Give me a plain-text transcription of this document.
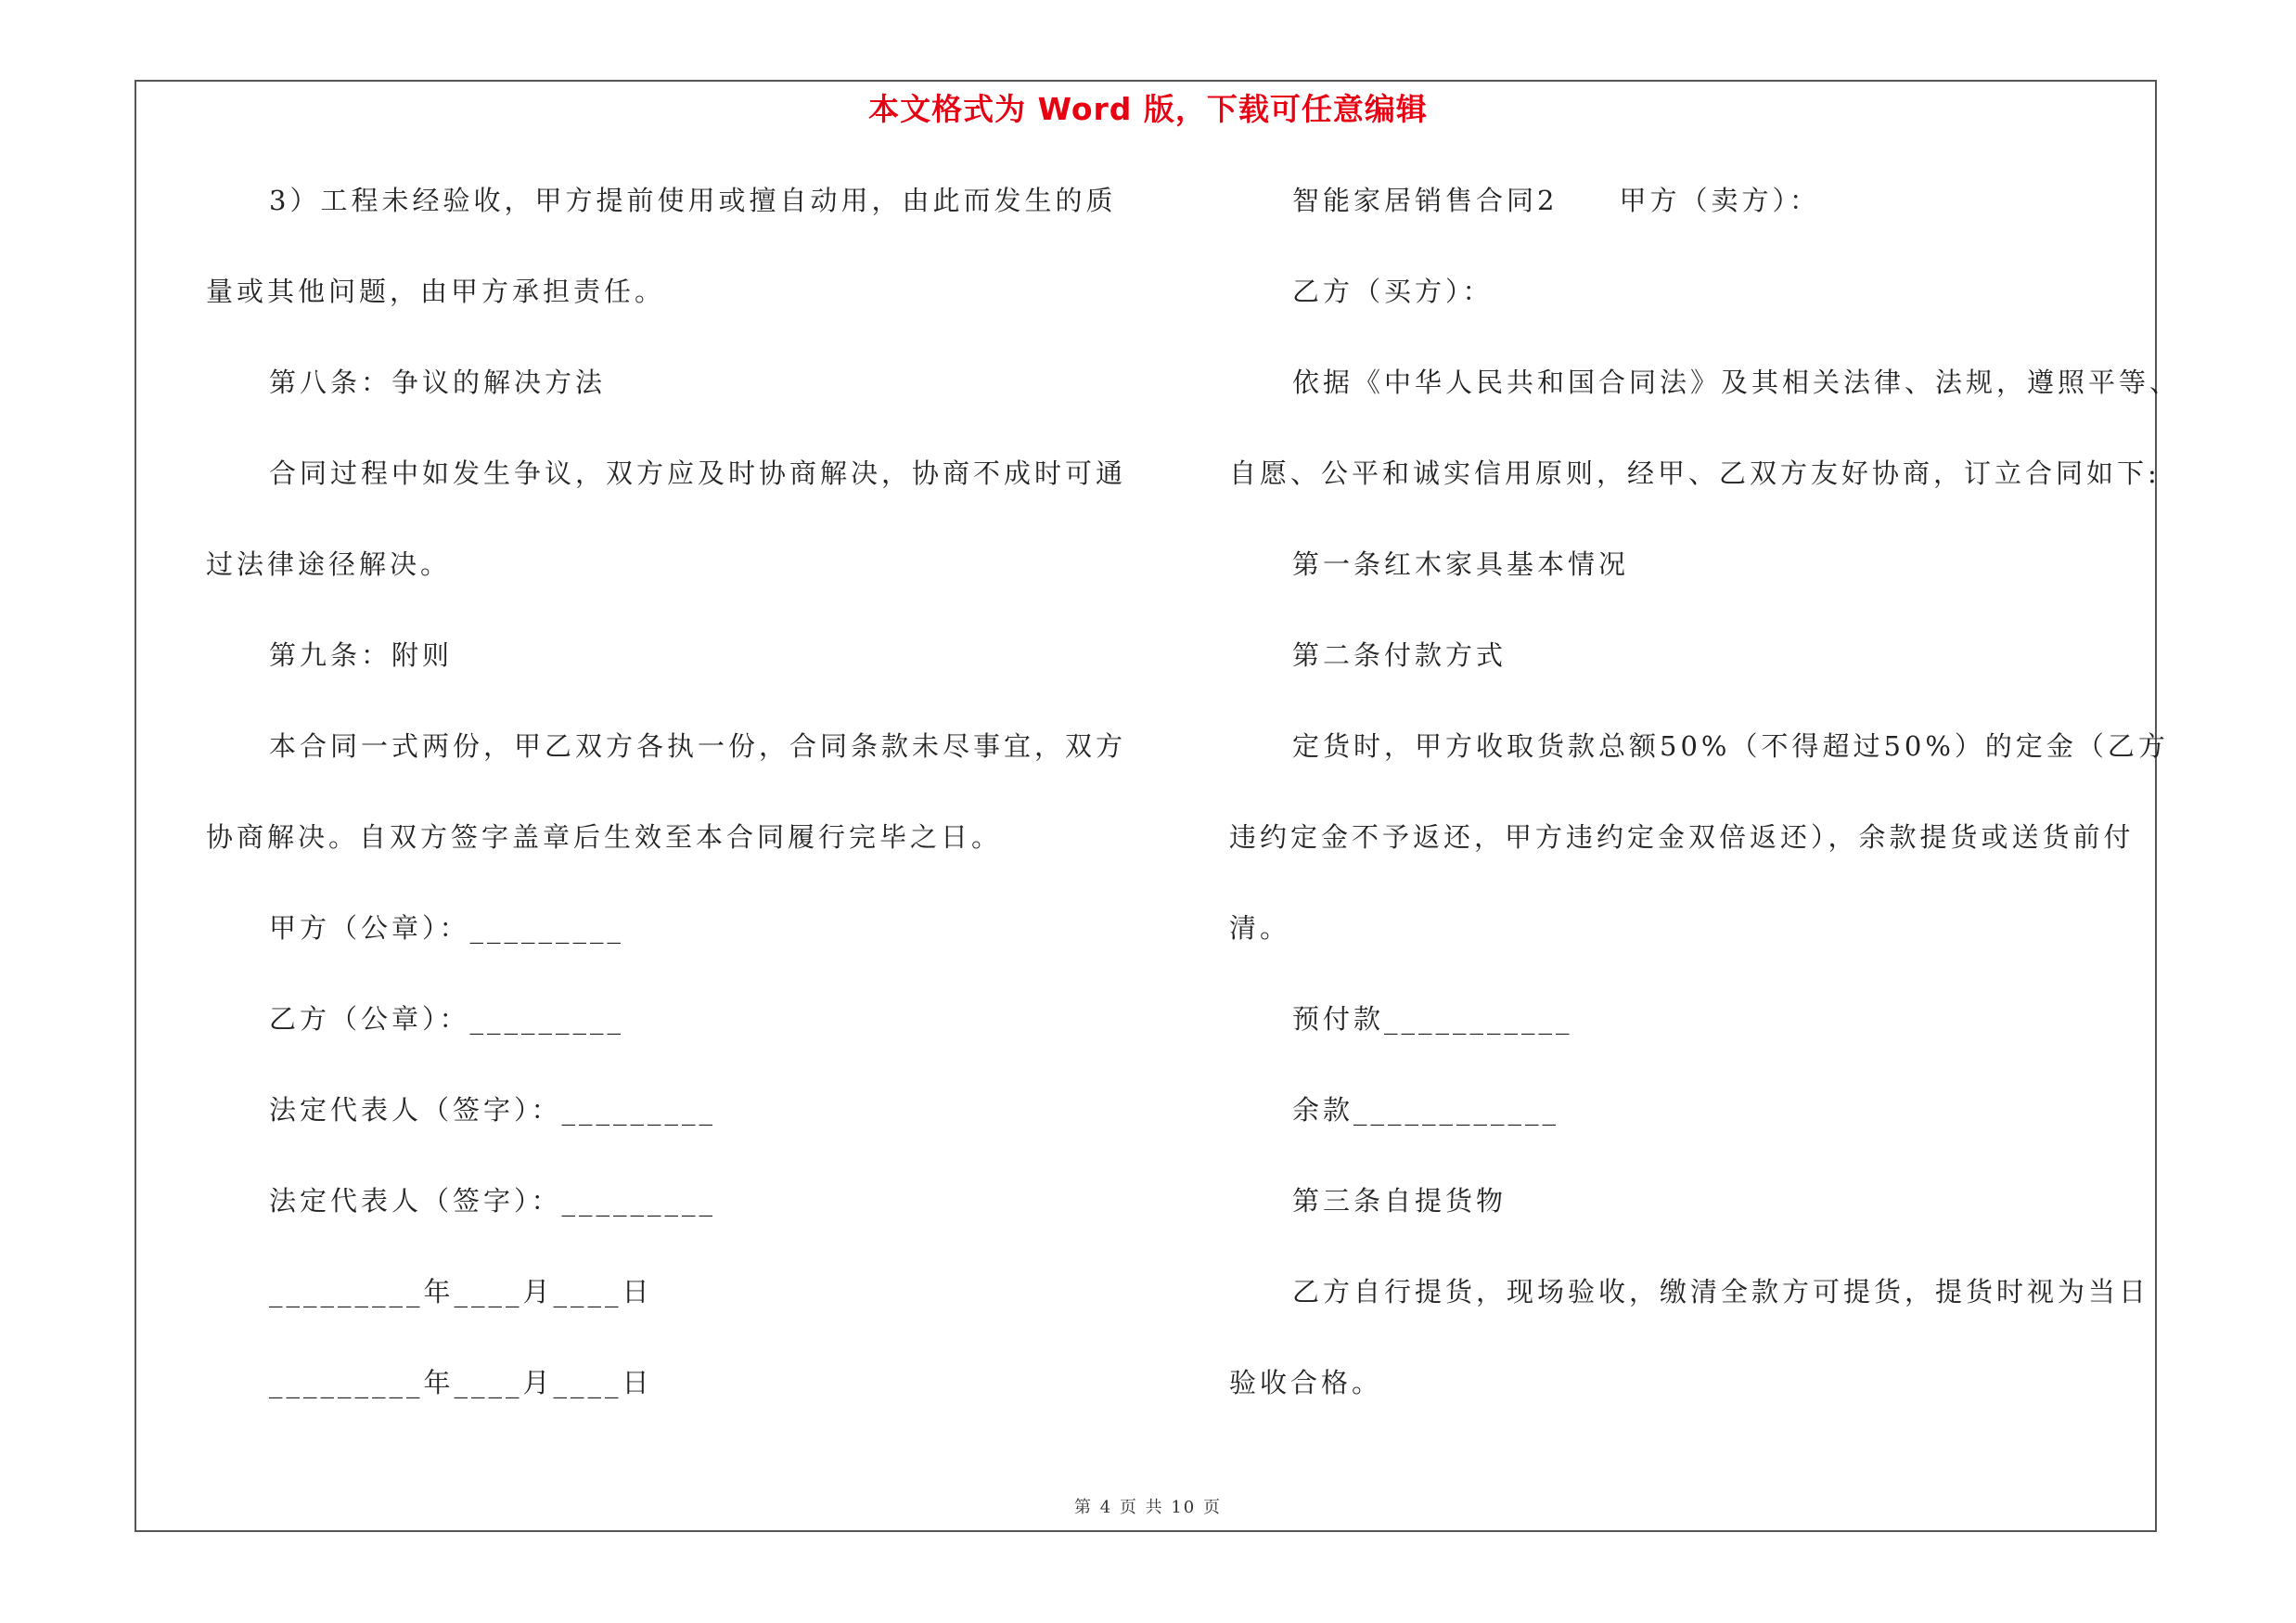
本文格式为 Word 版，下载可任意编辑
3）工程未经验收，甲方提前使用或擅自动用，由此而发生的质
量或其他问题，由甲方承担责任。
第八条：争议的解决方法
合同过程中如发生争议，双方应及时协商解决，协商不成时可通
过法律途径解决。
第九条：附则
本合同一式两份，甲乙双方各执一份，合同条款未尽事宜，双方
协商解决。自双方签字盖章后生效至本合同履行完毕之日。
甲方（公章）：_________
乙方（公章）：_________
法定代表人（签字）：_________
法定代表人（签字）：_________
_________年____月____日
_________年____月____日
智能家居销售合同2　　甲方（卖方）：
乙方（买方）：
依据《中华人民共和国合同法》及其相关法律、法规，遵照平等、
自愿、公平和诚实信用原则，经甲、乙双方友好协商，订立合同如下:
第一条红木家具基本情况
第二条付款方式
定货时，甲方收取货款总额50%（不得超过50%）的定金（乙方
违约定金不予返还，甲方违约定金双倍返还），余款提货或送货前付
清。
预付款___________
余款____________
第三条自提货物
乙方自行提货，现场验收，缴清全款方可提货，提货时视为当日
验收合格。
第 4 页 共 10 页
